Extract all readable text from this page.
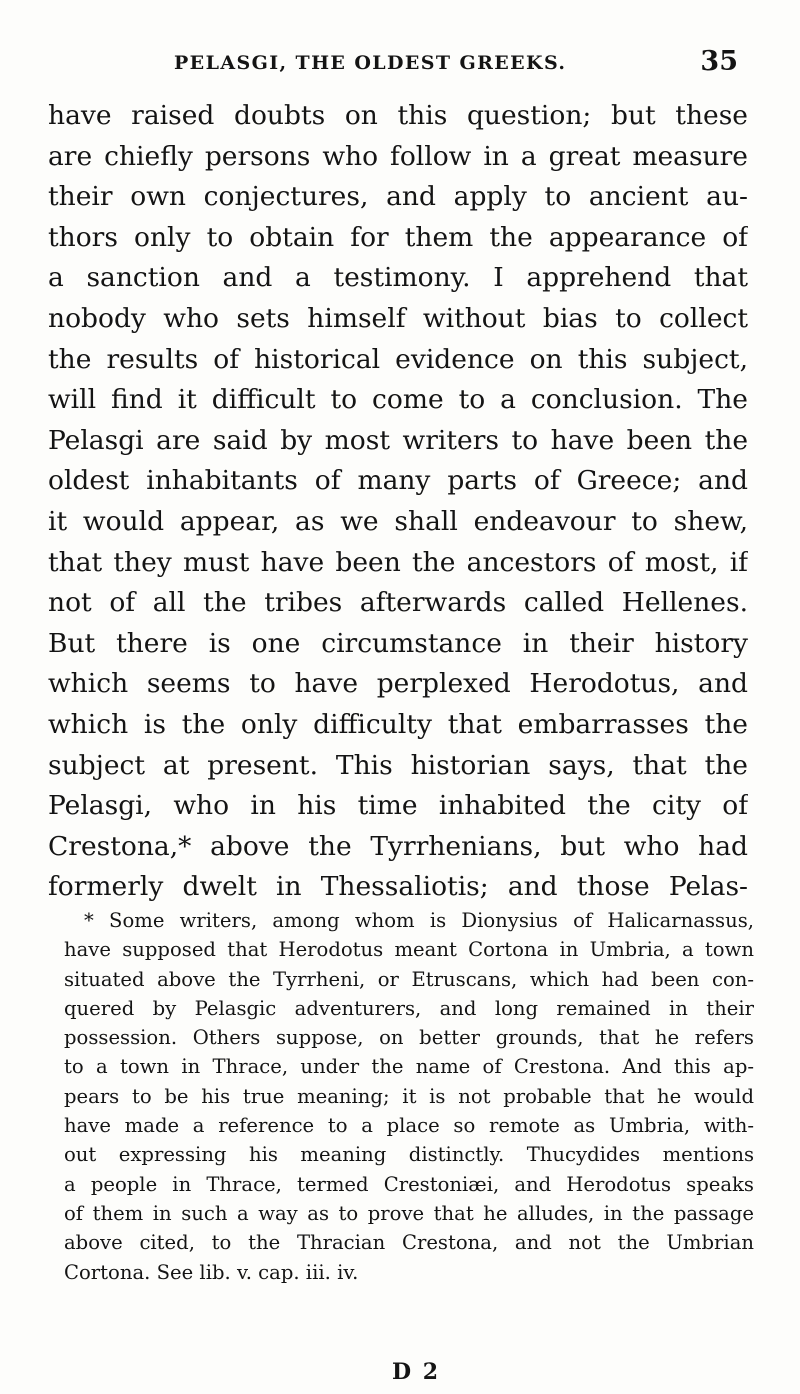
PELASGI, THE OLDEST GREEKS.	35
have raised doubts on this question; but these
are chiefly persons who follow in a great measure
their own conjectures, and apply to ancient au-
thors only to obtain for them the appearance of
a sanction and a testimony. I apprehend that
nobody who sets himself without bias to collect
the results of historical evidence on this subject,
will find it difficult to come to a conclusion. The
Pelasgi are said by most writers to have been the
oldest inhabitants of many parts of Greece; and
it would appear, as we shall endeavour to shew,
that they must have been the ancestors of most, if
not of all the tribes afterwards called Hellenes.
But there is one circumstance in their history
which seems to have perplexed Herodotus, and
which is the only difficulty that embarrasses the
subject at present. This historian says, that the
Pelasgi, who in his time inhabited the city of
Crestona,* above the Tyrrhenians, but who had
formerly dwelt in Thessaliotis; and those Pelas-
* Some writers, among whom is Dionysius of Halicarnassus,
have supposed that Herodotus meant Cortona in Umbria, a town
situated above the Tyrrheni, or Etruscans, which had been con-
quered by Pelasgic adventurers, and long remained in their
possession. Others suppose, on better grounds, that he refers
to a town in Thrace, under the name of Crestona. And this ap-
pears to be his true meaning; it is not probable that he would
have made a reference to a place so remote as Umbria, with-
out expressing his meaning distinctly. Thucydides mentions
a people in Thrace, termed Crestoniæi, and Herodotus speaks
of them in such a way as to prove that he alludes, in the passage
above cited, to the Thracian Crestona, and not the Umbrian
Cortona. See lib. v. cap. iii. iv.
D 2
